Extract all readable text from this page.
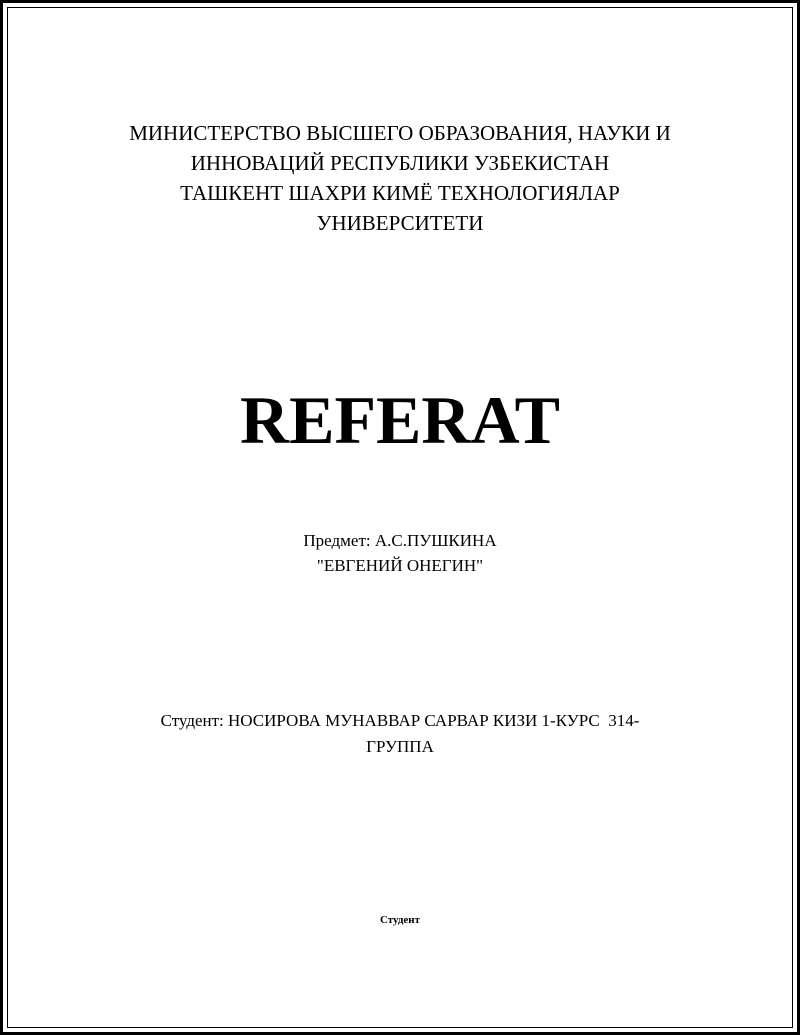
МИНИСТЕРСТВО ВЫСШЕГО ОБРАЗОВАНИЯ, НАУКИ И
ИННОВАЦИЙ РЕСПУБЛИКИ УЗБЕКИСТАН
ТАШКЕНТ ШАХРИ КИМЁ ТЕХНОЛОГИЯЛАР
УНИВЕРСИТЕТИ
REFERAT
Предмет: А.С.ПУШКИНА
"ЕВГЕНИЙ ОНЕГИН"
Студент: НОСИРОВА МУНАВВАР САРВАР КИЗИ 1-КУРС  314-
ГРУППА
Студент
